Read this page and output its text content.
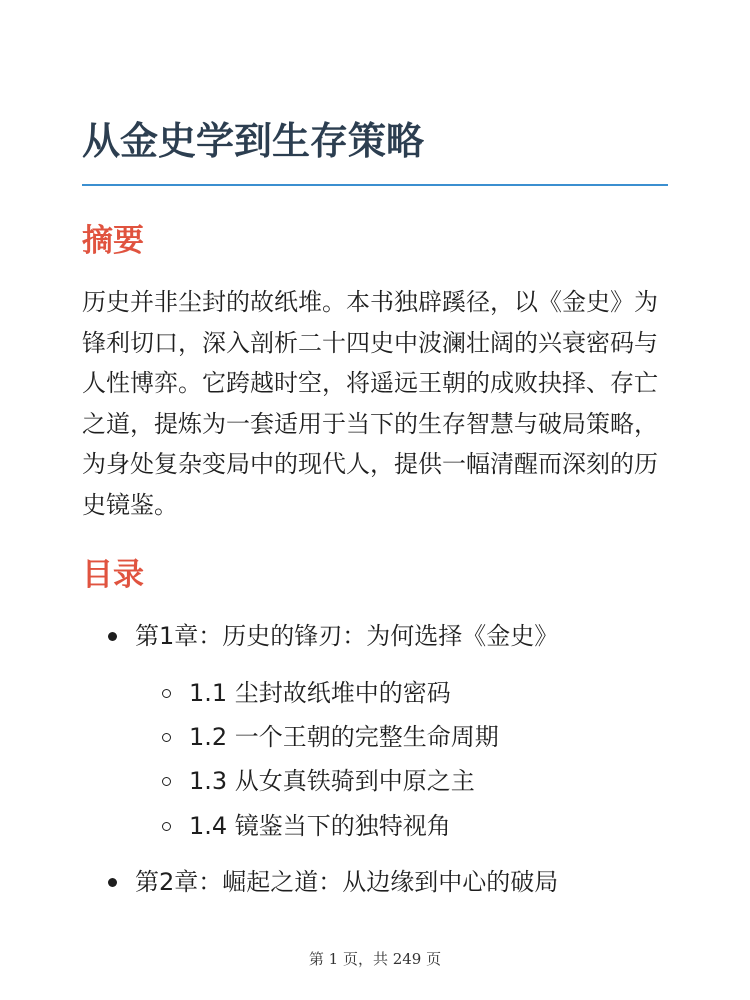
从金史学到生存策略
摘要

历史并非尘封的故纸堆。本书独辟蹊径，以《金史》为锋利切口，深入剖析二十四史中波澜壮阔的兴衰密码与人性博弈。它跨越时空，将遥远王朝的成败抉择、存亡之道，提炼为一套适用于当下的生存智慧与破局策略，为身处复杂变局中的现代人，提供一幅清醒而深刻的历史镜鉴。

目录
第1章：历史的锋刃：为何选择《金史》
1.1 尘封故纸堆中的密码
1.2 一个王朝的完整生命周期
1.3 从女真铁骑到中原之主
1.4 镜鉴当下的独特视角
第2章：崛起之道：从边缘到中心的破局
第 1 页，共 249 页
